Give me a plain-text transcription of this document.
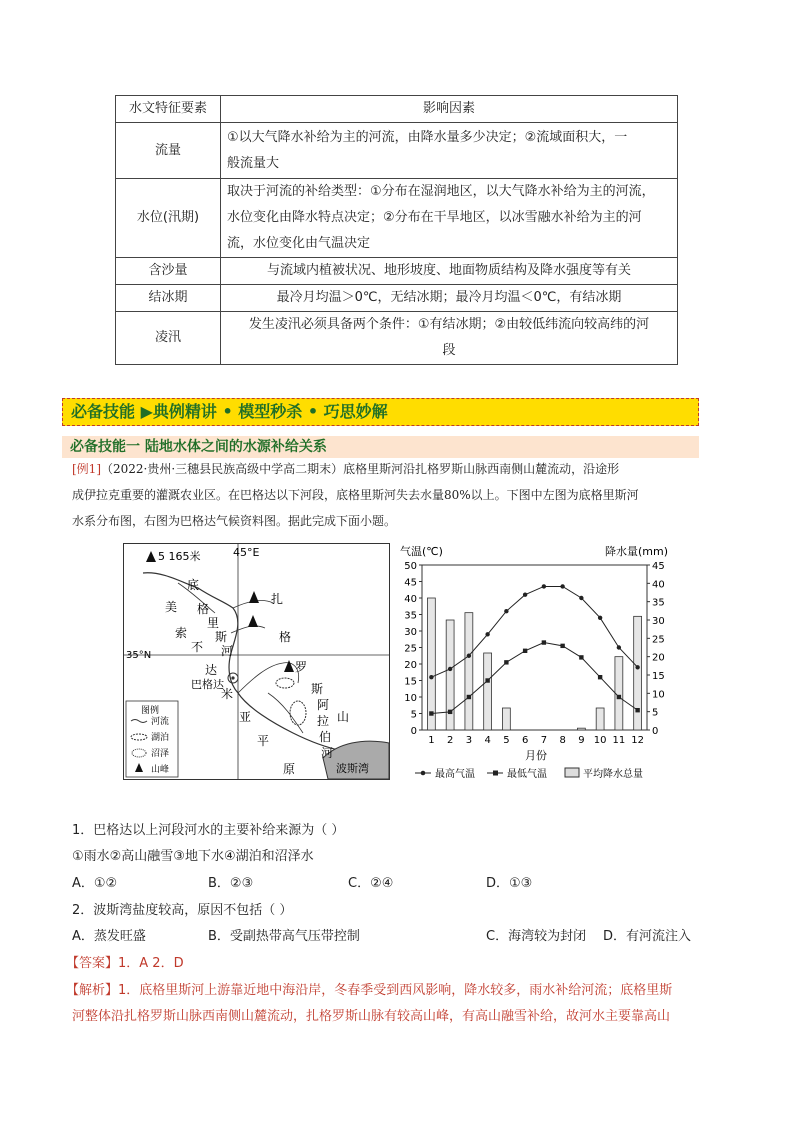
水文特征要素	影响因素
流量	①以大气降水补给为主的河流，由降水量多少决定；②流域面积大，一
般流量大

水位(汛期)	取决于河流的补给类型：①分布在湿润地区，以大气降水补给为主的河流，
水位变化由降水特点决定；②分布在干旱地区，以冰雪融水补给为主的河
流，水位变化由气温决定

含沙量	与流域内植被状况、地形坡度、地面物质结构及降水强度等有关

结冰期	最冷月均温＞0℃，无结冰期；最冷月均温＜0℃，有结冰期

凌汛	发生凌汛必须具备两个条件：①有结冰期；②由较低纬流向较高纬的河
段
必备技能 ▶典例精讲 • 模型秒杀 • 巧思妙解
必备技能一 陆地水体之间的水源补给关系
[例1]（2022·贵州·三穗县民族高级中学高二期末）底格里斯河沿扎格罗斯山脉西南侧山麓流动，沿途形
成伊拉克重要的灌溉农业区。在巴格达以下河段，底格里斯河失去水量80%以上。下图中左图为底格里斯河
水系分布图，右图为巴格达气候资料图。据此完成下面小题。
波斯湾
5 165米	45°E
35°N
巴格达
美
索
不
达
米
亚
平
原
底
格
里
斯
河
扎
格
罗
斯
山
阿
拉
伯
河
图例
河流
湖泊
沼泽
山峰
气温(℃)	降水量(mm)
月份
0
5
10
15
20
25
30
35
40
45
50
0
5
10
15
20
25
30
35
40
45
1 2 3 4 5 6 7 8 9 10 11 12
最高气温	最低气温	平均降水总量
1．巴格达以上河段河水的主要补给来源为（ ）
①雨水②高山融雪③地下水④湖泊和沼泽水
A．①②	B．②③	C．②④	D．①③
2．波斯湾盐度较高，原因不包括（ ）
A．蒸发旺盛	B．受副热带高气压带控制	C．海湾较为封闭 D．有河流注入
【答案】1．A 2．D
【解析】1．底格里斯河上游靠近地中海沿岸，冬春季受到西风影响，降水较多，雨水补给河流；底格里斯
河整体沿扎格罗斯山脉西南侧山麓流动，扎格罗斯山脉有较高山峰，有高山融雪补给，故河水主要靠高山
